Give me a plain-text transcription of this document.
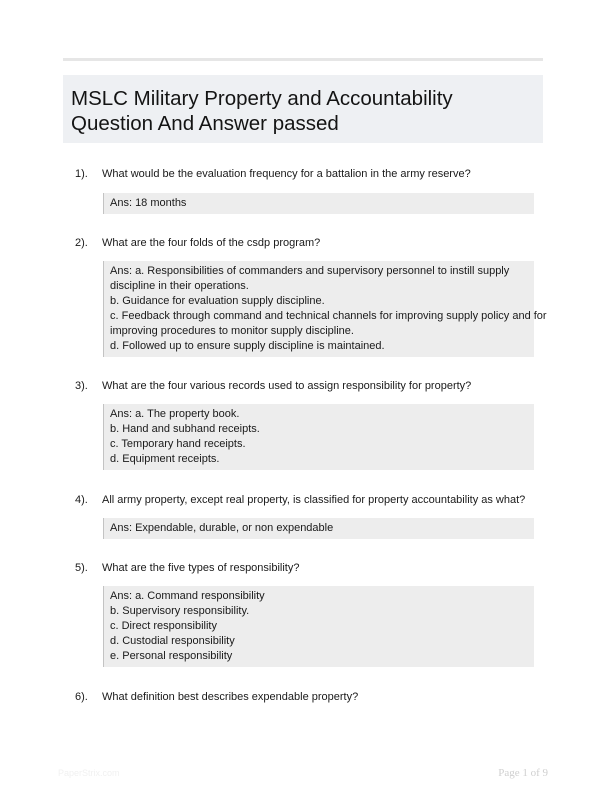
MSLC Military Property and Accountability
Question And Answer passed
1). What would be the evaluation frequency for a battalion in the army reserve?
Ans: 18 months
2). What are the four folds of the csdp program?
Ans: a. Responsibilities of commanders and supervisory personnel to instill supply
discipline in their operations.
b. Guidance for evaluation supply discipline.
c. Feedback through command and technical channels for improving supply policy and for
improving procedures to monitor supply discipline.
d. Followed up to ensure supply discipline is maintained.
3). What are the four various records used to assign responsibility for property?
Ans: a. The property book.
b. Hand and subhand receipts.
c. Temporary hand receipts.
d. Equipment receipts.
4). All army property, except real property, is classified for property accountability as what?
Ans: Expendable, durable, or non expendable
5). What are the five types of responsibility?
Ans: a. Command responsibility
b. Supervisory responsibility.
c. Direct responsibility
d. Custodial responsibility
e. Personal responsibility
6). What definition best describes expendable property?
PaperStrix.com	Page 1 of 9
